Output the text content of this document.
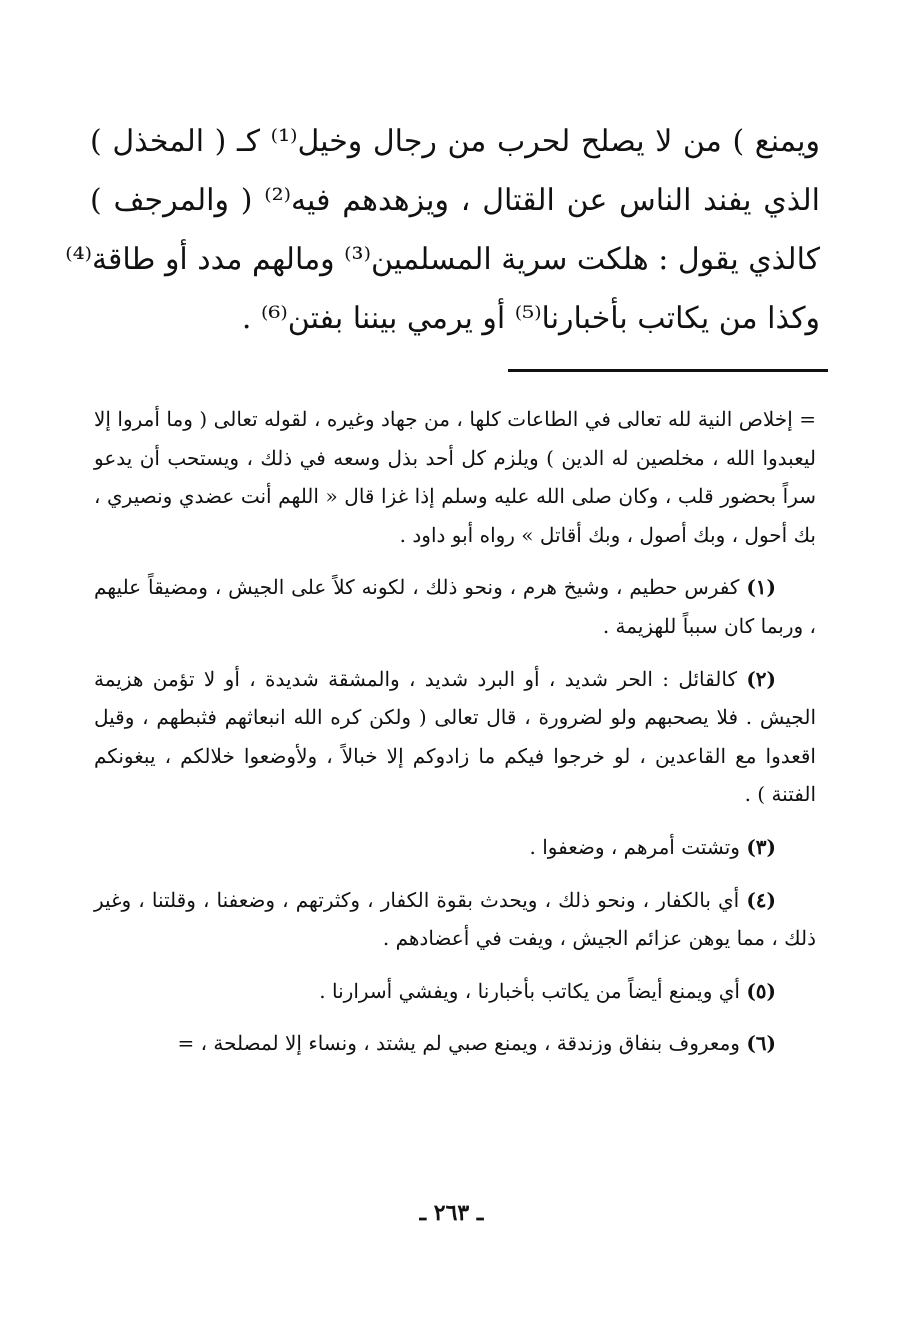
ويمنع ) من لا يصلح لحرب من رجال وخيل⁽¹⁾ كـ ( المخذل )
الذي يفند الناس عن القتال ، ويزهدهم فيه⁽²⁾ ( والمرجف )
كالذي يقول : هلكت سرية المسلمين⁽³⁾ ومالهم مدد أو طاقة⁽⁴⁾
وكذا من يكاتب بأخبارنا⁽⁵⁾ أو يرمي بيننا بفتن⁽⁶⁾ .

= إخلاص النية لله تعالى في الطاعات كلها ، من جهاد وغيره ، لقوله تعالى ( وما أمروا إلا ليعبدوا الله ، مخلصين له الدين ) ويلزم كل أحد بذل وسعه في ذلك ، ويستحب أن يدعو سراً بحضور قلب ، وكان صلى الله عليه وسلم إذا غزا قال « اللهم أنت عضدي ونصيري ، بك أحول ، وبك أصول ، وبك أقاتل » رواه أبو داود .

(١) كفرس حطيم ، وشيخ هرم ، ونحو ذلك ، لكونه كلاً على الجيش ، ومضيقاً عليهم ، وربما كان سبباً للهزيمة .

(٢) كالقائل : الحر شديد ، أو البرد شديد ، والمشقة شديدة ، أو لا تؤمن هزيمة الجيش . فلا يصحبهم ولو لضرورة ، قال تعالى ( ولكن كره الله انبعاثهم فثبطهم ، وقيل اقعدوا مع القاعدين ، لو خرجوا فيكم ما زادوكم إلا خبالاً ، ولأوضعوا خلالكم ، يبغونكم الفتنة ) .

(٣) وتشتت أمرهم ، وضعفوا .

(٤) أي بالكفار ، ونحو ذلك ، ويحدث بقوة الكفار ، وكثرتهم ، وضعفنا ، وقلتنا ، وغير ذلك ، مما يوهن عزائم الجيش ، ويفت في أعضادهم .

(٥) أي ويمنع أيضاً من يكاتب بأخبارنا ، ويفشي أسرارنا .

(٦) ومعروف بنفاق وزندقة ، ويمنع صبي لم يشتد ، ونساء إلا لمصلحة ، =

ـ ٢٦٣ ـ
